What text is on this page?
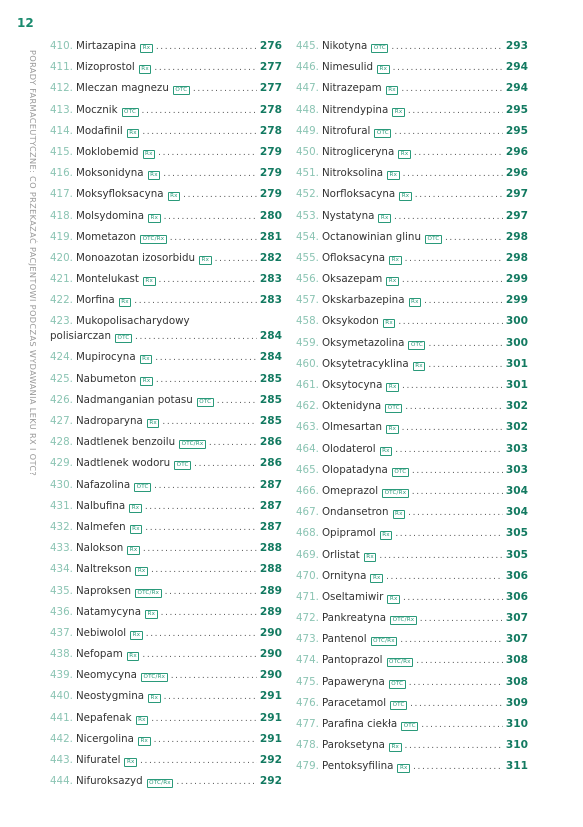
12
PORADY FARMACEUTYCZNE: CO PRZEKAZAĆ PACJENTOWI PODCZAS WYDAWANIA LEKU RX I OTC?
410. Mirtazapina	Rx .....	276
411. Mizoprostol	Rx .....	277
412. Mleczan magnezu	OTC .....	277
413. Mocznik	OTC .....	278
414. Modafinil	Rx .....	278
415. Moklobemid	Rx .....	279
416. Moksonidyna	Rx .....	279
417. Moksyfloksacyna	Rx .....	279
418. Molsydomina	Rx .....	280
419. Mometazon	OTC/Rx .....	281
420. Monoazotan izosorbidu	Rx .....	282
421. Montelukast	Rx .....	283
422. Morfina	Rx .....	283
423. Mukopolisacharydowy
polisiarczan	OTC .....	284
424. Mupirocyna	Rx .....	284
425. Nabumeton	Rx .....	285
426. Nadmanganian potasu	OTC .....	285
427. Nadroparyna	Rx .....	285
428. Nadtlenek benzoilu	OTC/Rx .....	286
429. Nadtlenek wodoru	OTC .....	286
430. Nafazolina	OTC .....	287
431. Nalbufina	Rx .....	287
432. Nalmefen	Rx .....	287
433. Nalokson	Rx .....	288
434. Naltrekson	Rx .....	288
435. Naproksen	OTC/Rx .....	289
436. Natamycyna	Rx .....	289
437. Nebiwolol	Rx .....	290
438. Nefopam	Rx .....	290
439. Neomycyna	OTC/Rx .....	290
440. Neostygmina	Rx .....	291
441. Nepafenak	Rx .....	291
442. Nicergolina	Rx .....	291
443. Nifuratel	Rx .....	292
444. Nifuroksazyd	OTC/Rx .....	292
445. Nikotyna	OTC .....	293
446. Nimesulid	Rx .....	294
447. Nitrazepam	Rx .....	294
448. Nitrendypina	Rx .....	295
449. Nitrofural	OTC .....	295
450. Nitrogliceryna	Rx .....	296
451. Nitroksolina	Rx .....	296
452. Norfloksacyna	Rx .....	297
453. Nystatyna	Rx .....	297
454. Octanowinian glinu	OTC .....	298
455. Ofloksacyna	Rx .....	298
456. Oksazepam	Rx .....	299
457. Okskarbazepina	Rx .....	299
458. Oksykodon	Rx .....	300
459. Oksymetazolina	OTC .....	300
460. Oksytetracyklina	Rx .....	301
461. Oksytocyna	Rx .....	301
462. Oktenidyna	OTC .....	302
463. Olmesartan	Rx .....	302
464. Olodaterol	Rx .....	303
465. Olopatadyna	OTC .....	303
466. Omeprazol	OTC/Rx .....	304
467. Ondansetron	Rx .....	304
468. Opipramol	Rx .....	305
469. Orlistat	Rx .....	305
470. Ornityna	Rx .....	306
471. Oseltamiwir	Rx .....	306
472. Pankreatyna	OTC/Rx .....	307
473. Pantenol	OTC/Rx .....	307
474. Pantoprazol	OTC/Rx .....	308
475. Papaweryna	OTC .....	308
476. Paracetamol	OTC .....	309
477. Parafina ciekła	OTC .....	310
478. Paroksetyna	Rx .....	310
479. Pentoksyfilina	Rx .....	311
